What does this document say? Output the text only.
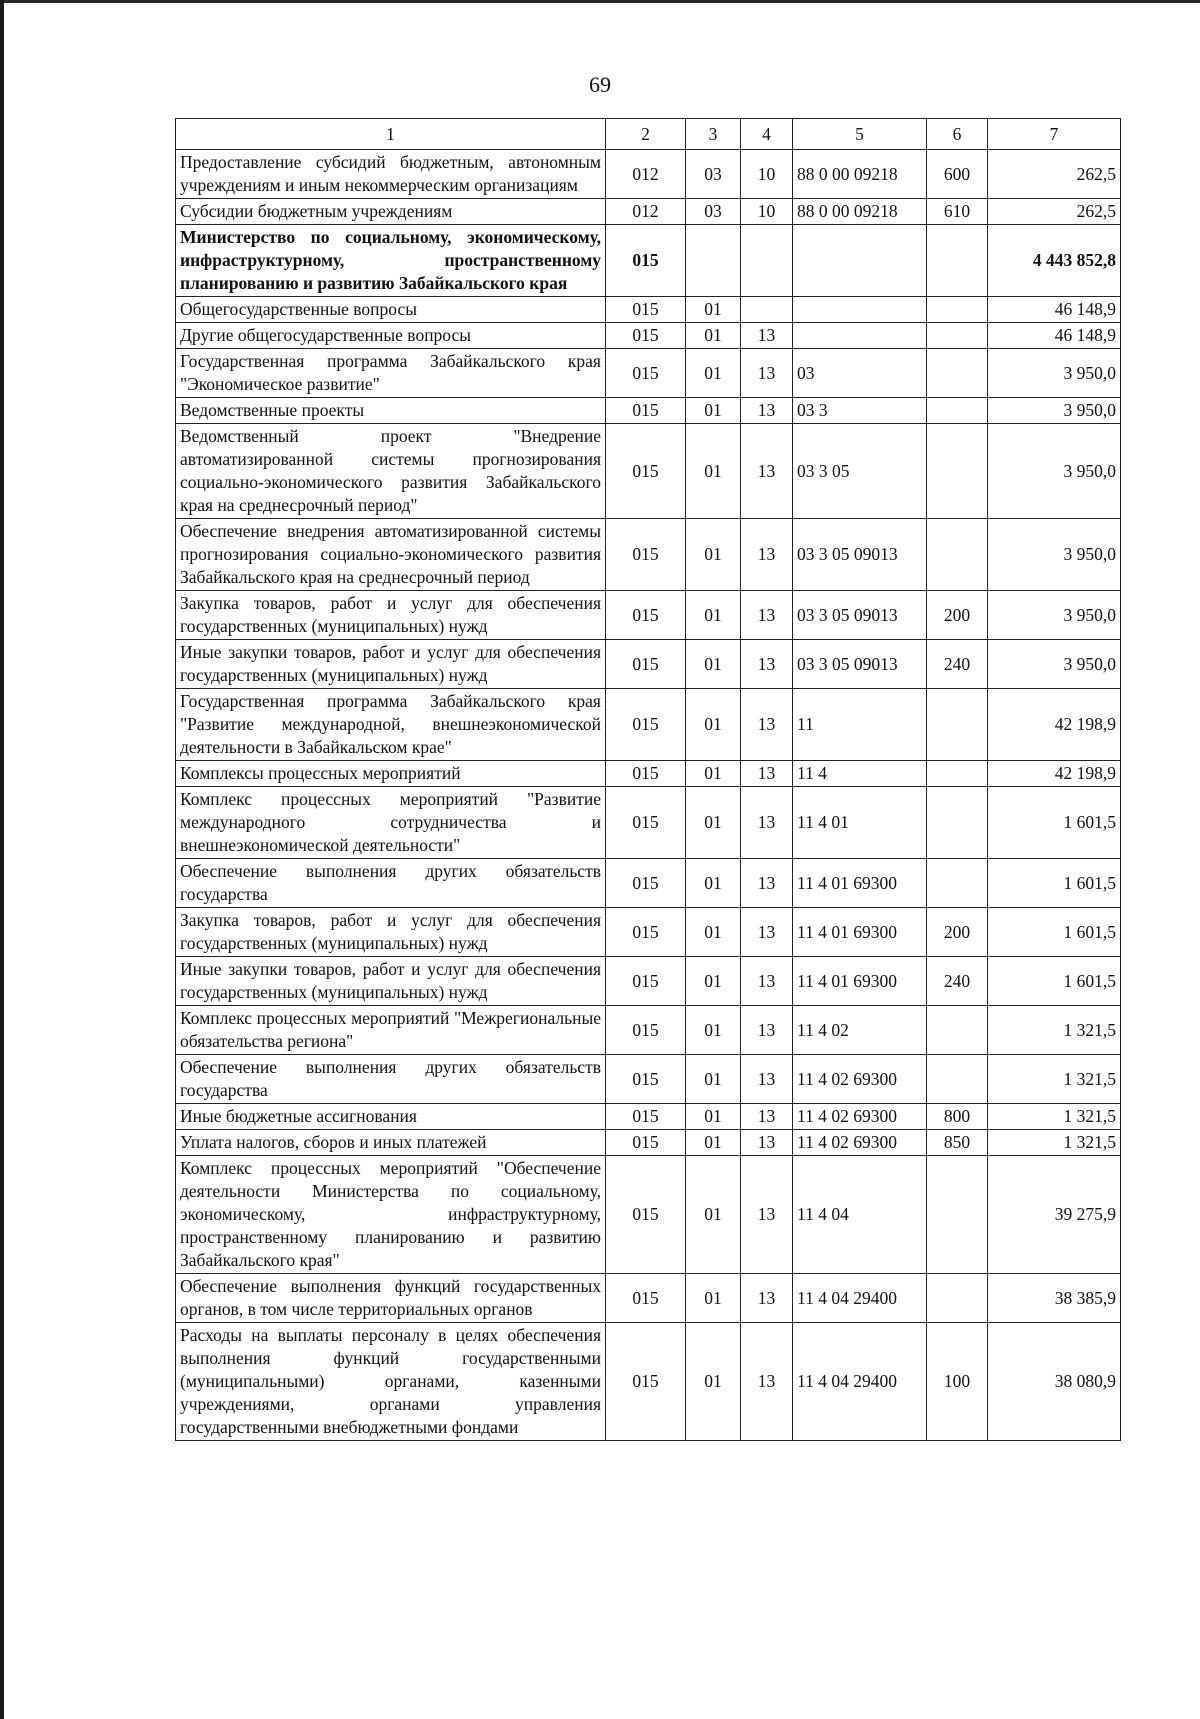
69
1	2	3	4	5	6	7
Предоставление субсидий бюджетным, автономным учреждениям и иным некоммерческим организациям	012	03	10	88 0 00 09218	600	262,5
Субсидии бюджетным учреждениям	012	03	10	88 0 00 09218	610	262,5
Министерство по социальному, экономическому, инфраструктурному, пространственному планированию и развитию Забайкальского края	015					4 443 852,8
Общегосударственные вопросы	015	01				46 148,9
Другие общегосударственные вопросы	015	01	13			46 148,9
Государственная программа Забайкальского края "Экономическое развитие"	015	01	13	03		3 950,0
Ведомственные проекты	015	01	13	03 3		3 950,0
Ведомственный проект "Внедрение автоматизированной системы прогнозирования социально-экономического развития Забайкальского края на среднесрочный период"	015	01	13	03 3 05		3 950,0
Обеспечение внедрения автоматизированной системы прогнозирования социально-экономического развития Забайкальского края на среднесрочный период	015	01	13	03 3 05 09013		3 950,0
Закупка товаров, работ и услуг для обеспечения государственных (муниципальных) нужд	015	01	13	03 3 05 09013	200	3 950,0
Иные закупки товаров, работ и услуг для обеспечения государственных (муниципальных) нужд	015	01	13	03 3 05 09013	240	3 950,0
Государственная программа Забайкальского края "Развитие международной, внешнеэкономической деятельности в Забайкальском крае"	015	01	13	11		42 198,9
Комплексы процессных мероприятий	015	01	13	11 4		42 198,9
Комплекс процессных мероприятий "Развитие международного сотрудничества и внешнеэкономической деятельности"	015	01	13	11 4 01		1 601,5
Обеспечение выполнения других обязательств государства	015	01	13	11 4 01 69300		1 601,5
Закупка товаров, работ и услуг для обеспечения государственных (муниципальных) нужд	015	01	13	11 4 01 69300	200	1 601,5
Иные закупки товаров, работ и услуг для обеспечения государственных (муниципальных) нужд	015	01	13	11 4 01 69300	240	1 601,5
Комплекс процессных мероприятий "Межрегиональные обязательства региона"	015	01	13	11 4 02		1 321,5
Обеспечение выполнения других обязательств государства	015	01	13	11 4 02 69300		1 321,5
Иные бюджетные ассигнования	015	01	13	11 4 02 69300	800	1 321,5
Уплата налогов, сборов и иных платежей	015	01	13	11 4 02 69300	850	1 321,5
Комплекс процессных мероприятий "Обеспечение деятельности Министерства по социальному, экономическому, инфраструктурному, пространственному планированию и развитию Забайкальского края"	015	01	13	11 4 04		39 275,9
Обеспечение выполнения функций государственных органов, в том числе территориальных органов	015	01	13	11 4 04 29400		38 385,9
Расходы на выплаты персоналу в целях обеспечения выполнения функций государственными (муниципальными) органами, казенными учреждениями, органами управления государственными внебюджетными фондами	015	01	13	11 4 04 29400	100	38 080,9
